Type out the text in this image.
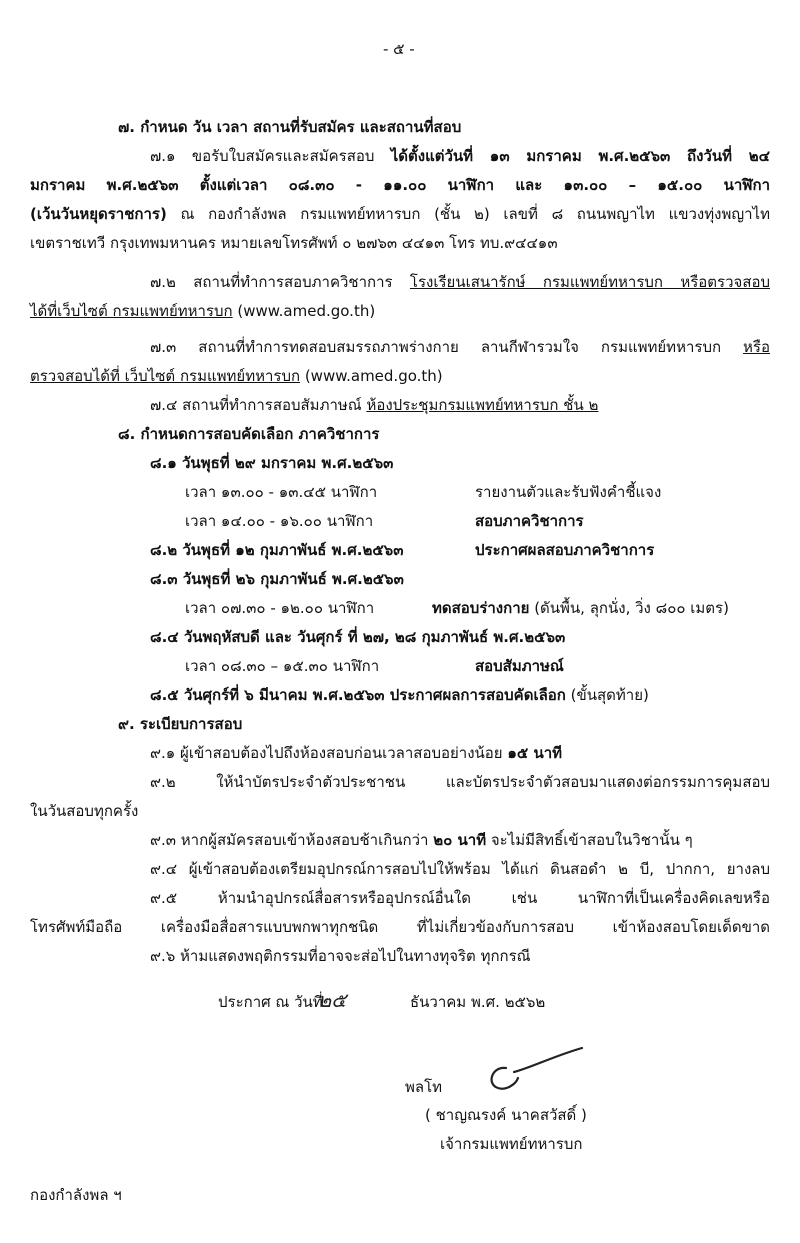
- ๕ -
๗. กำหนด วัน เวลา สถานที่รับสมัคร และสถานที่สอบ
๗.๑ ขอรับใบสมัครและสมัครสอบ ได้ตั้งแต่วันที่ ๑๓ มกราคม พ.ศ.๒๕๖๓ ถึงวันที่ ๒๔
มกราคม พ.ศ.๒๕๖๓ ตั้งแต่เวลา ๐๘.๓๐ - ๑๑.๐๐ นาฬิกา และ ๑๓.๐๐ – ๑๕.๐๐ นาฬิกา
(เว้นวันหยุดราชการ) ณ กองกำลังพล กรมแพทย์ทหารบก (ชั้น ๒) เลขที่ ๘ ถนนพญาไท แขวงทุ่งพญาไท
เขตราชเทวี กรุงเทพมหานคร หมายเลขโทรศัพท์ ๐ ๒๗๖๓ ๔๔๑๓ โทร ทบ.๙๔๔๑๓
๗.๒ สถานที่ทำการสอบภาควิชาการ โรงเรียนเสนารักษ์ กรมแพทย์ทหารบก หรือตรวจสอบ
ได้ที่เว็บไซต์ กรมแพทย์ทหารบก (www.amed.go.th)
๗.๓ สถานที่ทำการทดสอบสมรรถภาพร่างกาย ลานกีฬารวมใจ กรมแพทย์ทหารบก หรือ
ตรวจสอบได้ที่ เว็บไซต์ กรมแพทย์ทหารบก (www.amed.go.th)
๗.๔ สถานที่ทำการสอบสัมภาษณ์ ห้องประชุมกรมแพทย์ทหารบก ชั้น ๒
๘. กำหนดการสอบคัดเลือก ภาควิชาการ
๘.๑ วันพุธที่ ๒๙ มกราคม พ.ศ.๒๕๖๓
เวลา ๑๓.๐๐ - ๑๓.๔๕ นาฬิกา	รายงานตัวและรับฟังคำชี้แจง
เวลา ๑๔.๐๐ - ๑๖.๐๐ นาฬิกา	สอบภาควิชาการ
๘.๒ วันพุธที่ ๑๒ กุมภาพันธ์ พ.ศ.๒๕๖๓	ประกาศผลสอบภาควิชาการ
๘.๓ วันพุธที่ ๒๖ กุมภาพันธ์ พ.ศ.๒๕๖๓
เวลา ๐๗.๓๐ - ๑๒.๐๐ นาฬิกา	ทดสอบร่างกาย (ดันพื้น, ลุกนั่ง, วิ่ง ๘๐๐ เมตร)
๘.๔ วันพฤหัสบดี และ วันศุกร์ ที่ ๒๗, ๒๘ กุมภาพันธ์ พ.ศ.๒๕๖๓
เวลา ๐๘.๓๐ – ๑๕.๓๐ นาฬิกา	สอบสัมภาษณ์
๘.๕ วันศุกร์ที่ ๖ มีนาคม พ.ศ.๒๕๖๓ ประกาศผลการสอบคัดเลือก (ขั้นสุดท้าย)
๙. ระเบียบการสอบ
๙.๑ ผู้เข้าสอบต้องไปถึงห้องสอบก่อนเวลาสอบอย่างน้อย ๑๕ นาที
๙.๒ ให้นำบัตรประจำตัวประชาชน และบัตรประจำตัวสอบมาแสดงต่อกรรมการคุมสอบ
ในวันสอบทุกครั้ง
๙.๓ หากผู้สมัครสอบเข้าห้องสอบช้าเกินกว่า ๒๐ นาที จะไม่มีสิทธิ์เข้าสอบในวิชานั้น ๆ
๙.๔ ผู้เข้าสอบต้องเตรียมอุปกรณ์การสอบไปให้พร้อม ได้แก่ ดินสอดำ ๒ บี, ปากกา, ยางลบ
๙.๕ ห้ามนำอุปกรณ์สื่อสารหรืออุปกรณ์อื่นใด เช่น นาฬิกาที่เป็นเครื่องคิดเลขหรือ
โทรศัพท์มือถือ เครื่องมือสื่อสารแบบพกพาทุกชนิด ที่ไม่เกี่ยวข้องกับการสอบ เข้าห้องสอบโดยเด็ดขาด
๙.๖ ห้ามแสดงพฤติกรรมที่อาจจะส่อไปในทางทุจริต ทุกกรณี
ประกาศ ณ วันที่
๒๕	ธันวาคม พ.ศ. ๒๕๖๒
พลโท
( ชาญณรงค์ นาคสวัสดิ์ )
เจ้ากรมแพทย์ทหารบก
กองกำลังพล ฯ
